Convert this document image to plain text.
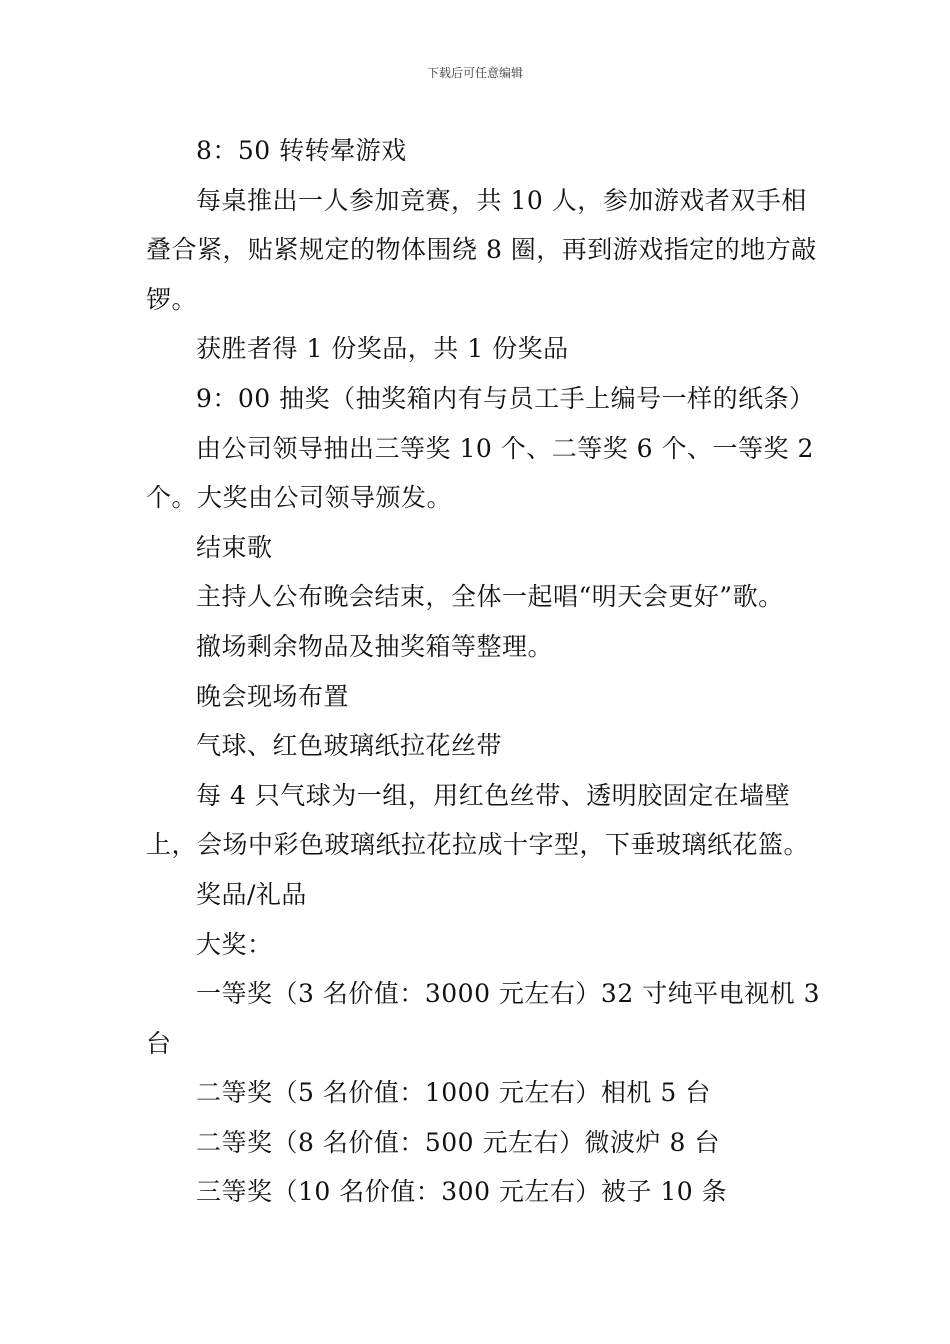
下载后可任意编辑

8：50 转转晕游戏

每桌推出一人参加竞赛，共 10 人，参加游戏者双手相叠合紧，贴紧规定的物体围绕 8 圈，再到游戏指定的地方敲锣。

获胜者得 1 份奖品，共 1 份奖品

9：00 抽奖（抽奖箱内有与员工手上编号一样的纸条）

由公司领导抽出三等奖 10 个、二等奖 6 个、一等奖 2 个。大奖由公司领导颁发。

结束歌

主持人公布晚会结束，全体一起唱“明天会更好”歌。

撤场剩余物品及抽奖箱等整理。

晚会现场布置

气球、红色玻璃纸拉花丝带

每 4 只气球为一组，用红色丝带、透明胶固定在墙壁上，会场中彩色玻璃纸拉花拉成十字型，下垂玻璃纸花篮。

奖品/礼品

大奖：

一等奖（3 名价值：3000 元左右）32 寸纯平电视机 3 台

二等奖（5 名价值：1000 元左右）相机 5 台

二等奖（8 名价值：500 元左右）微波炉 8 台

三等奖（10 名价值：300 元左右）被子 10 条
